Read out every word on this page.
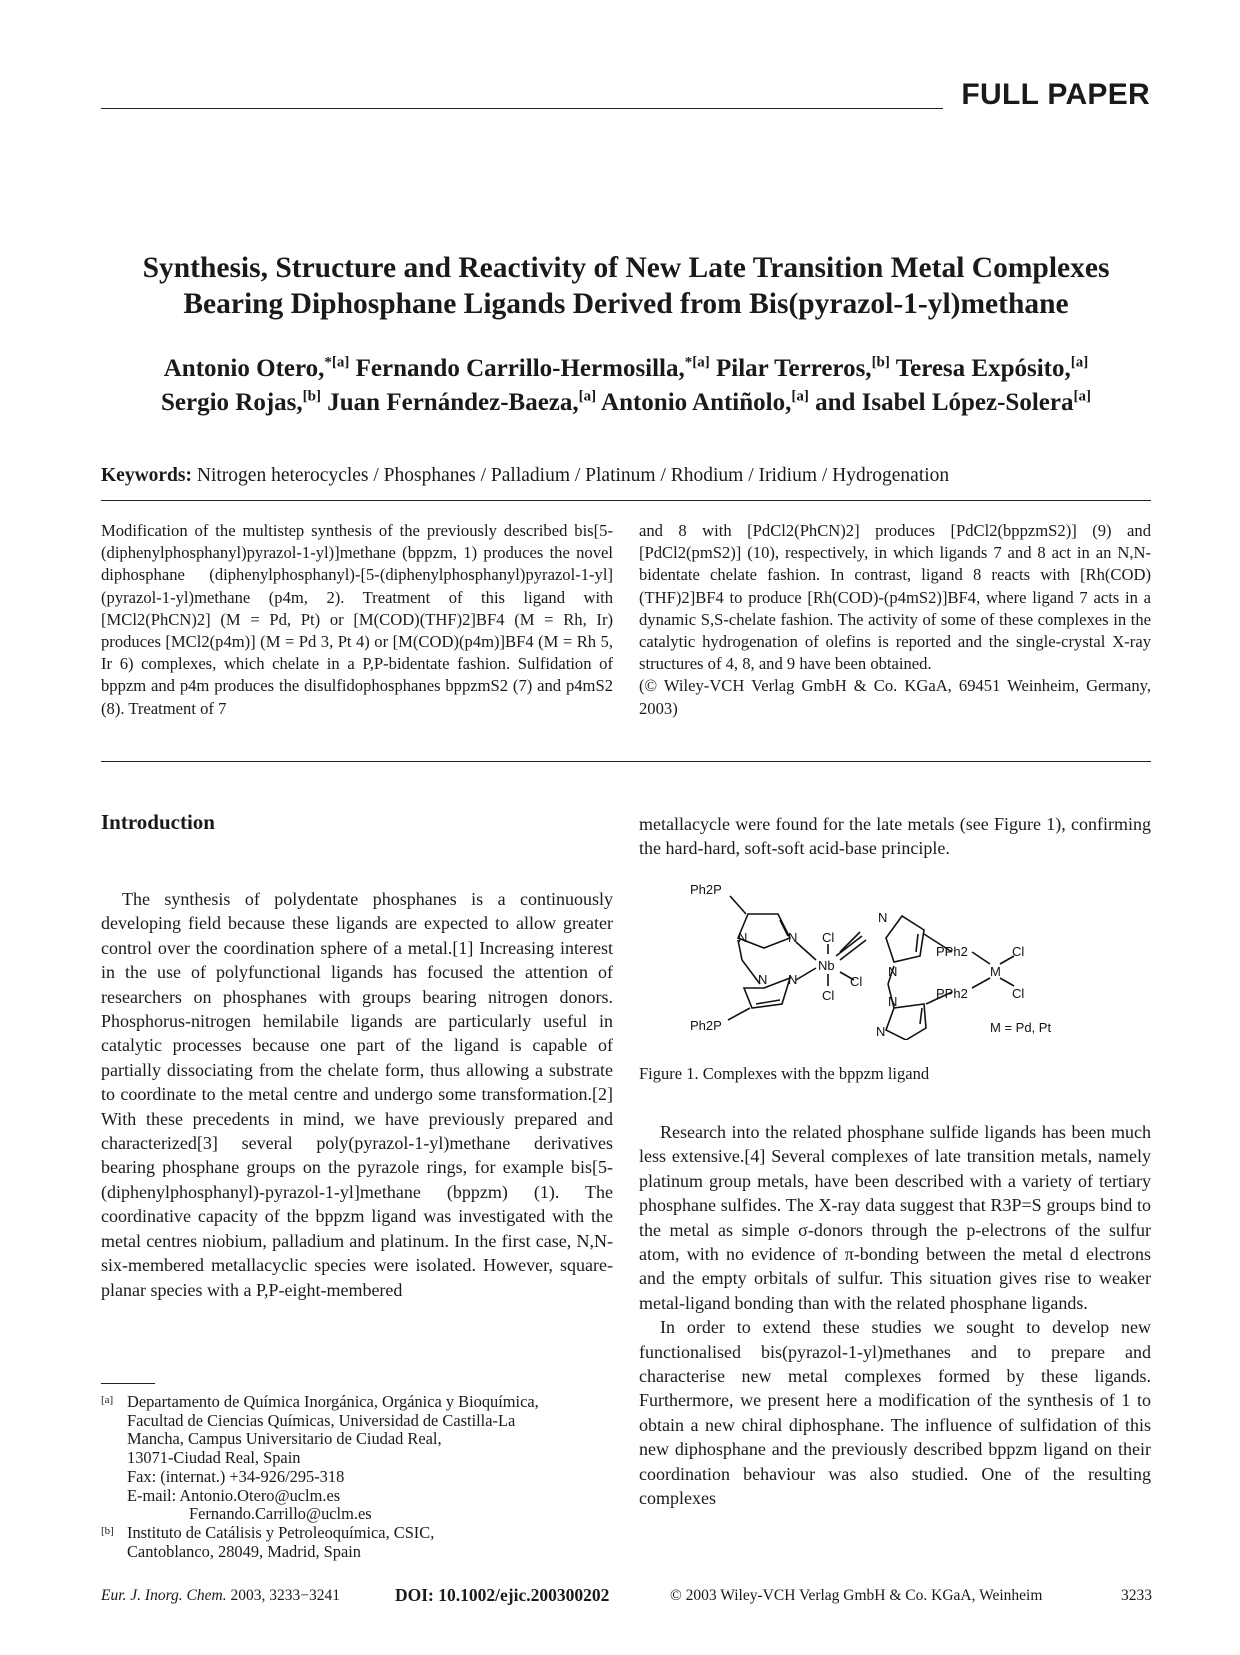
FULL PAPER
Synthesis, Structure and Reactivity of New Late Transition Metal Complexes
Bearing Diphosphane Ligands Derived from Bis(pyrazol-1-yl)methane
Antonio Otero,$^{*[a]}$ Fernando Carrillo-Hermosilla,$^{*[a]}$ Pilar Terreros,[b] Teresa Expósito,[a]
Sergio Rojas,[b] Juan Fernández-Baeza,[a] Antonio Antiñolo,[a] and Isabel López-Solera[a]
Keywords: Nitrogen heterocycles / Phosphanes / Palladium / Platinum / Rhodium / Iridium / Hydrogenation
Modification of the multistep synthesis of the previously described bis[5-(diphenylphosphanyl)pyrazol-1-yl)]methane (bppzm, 1) produces the novel diphosphane (diphenylphosphanyl)-[5-(diphenylphosphanyl)pyrazol-1-yl](pyrazol-1-yl)methane (p4m, 2). Treatment of this ligand with [MCl2(PhCN)2] (M = Pd, Pt) or [M(COD)(THF)2]BF4 (M = Rh, Ir) produces [MCl2(p4m)] (M = Pd 3, Pt 4) or [M(COD)(p4m)]BF4 (M = Rh 5, Ir 6) complexes, which chelate in a P,P-bidentate fashion. Sulfidation of bppzm and p4m produces the disulfidophosphanes bppzmS2 (7) and p4mS2 (8). Treatment of 7
and 8 with [PdCl2(PhCN)2] produces [PdCl2(bppzmS2)] (9) and [PdCl2(pmS2)] (10), respectively, in which ligands 7 and 8 act in an N,N-bidentate chelate fashion. In contrast, ligand 8 reacts with [Rh(COD)(THF)2]BF4 to produce [Rh(COD)-(p4mS2)]BF4, where ligand 7 acts in a dynamic S,S-chelate fashion. The activity of some of these complexes in the catalytic hydrogenation of olefins is reported and the single-crystal X-ray structures of 4, 8, and 9 have been obtained.
(© Wiley-VCH Verlag GmbH & Co. KGaA, 69451 Weinheim, Germany, 2003)
Introduction

The synthesis of polydentate phosphanes is a continuously developing field because these ligands are expected to allow greater control over the coordination sphere of a metal.[1] Increasing interest in the use of polyfunctional ligands has focused the attention of researchers on phosphanes with groups bearing nitrogen donors. Phosphorus-nitrogen hemilabile ligands are particularly useful in catalytic processes because one part of the ligand is capable of partially dissociating from the chelate form, thus allowing a substrate to coordinate to the metal centre and undergo some transformation.[2] With these precedents in mind, we have previously prepared and characterized[3] several poly(pyrazol-1-yl)methane derivatives bearing phosphane groups on the pyrazole rings, for example bis[5-(diphenylphosphanyl)-pyrazol-1-yl]methane (bppzm) (1). The coordinative capacity of the bppzm ligand was investigated with the metal centres niobium, palladium and platinum. In the first case, N,N-six-membered metallacyclic species were isolated. However, square-planar species with a P,P-eight-membered

metallacycle were found for the late metals (see Figure 1), confirming the hard-hard, soft-soft acid-base principle.

Ph2P
Ph2P
N	N
N N
Nb
Cl
Cl
Cl
N
N
N
N
PPh2
PPh2
M
Cl
Cl
M = Pd, Pt
Figure 1. Complexes with the bppzm ligand

Research into the related phosphane sulfide ligands has been much less extensive.[4] Several complexes of late transition metals, namely platinum group metals, have been described with a variety of tertiary phosphane sulfides. The X-ray data suggest that R3P=S groups bind to the metal as simple σ-donors through the p-electrons of the sulfur atom, with no evidence of π-bonding between the metal d electrons and the empty orbitals of sulfur. This situation gives rise to weaker metal-ligand bonding than with the related phosphane ligands.

In order to extend these studies we sought to develop new functionalised bis(pyrazol-1-yl)methanes and to prepare and characterise new metal complexes formed by these ligands. Furthermore, we present here a modification of the synthesis of 1 to obtain a new chiral diphosphane. The influence of sulfidation of this new diphosphane and the previously described bppzm ligand on their coordination behaviour was also studied. One of the resulting complexes

[a] Departamento de Química Inorgánica, Orgánica y Bioquímica,
Facultad de Ciencias Químicas, Universidad de Castilla-La
Mancha, Campus Universitario de Ciudad Real,
13071-Ciudad Real, Spain
Fax: (internat.) +34-926/295-318
E-mail: Antonio.Otero@uclm.es
Fernando.Carrillo@uclm.es
[b] Instituto de Catálisis y Petroleoquímica, CSIC,
Cantoblanco, 28049, Madrid, Spain
Eur. J. Inorg. Chem. 2003, 3233−3241	DOI: 10.1002/ejic.200300202	© 2003 Wiley-VCH Verlag GmbH & Co. KGaA, Weinheim	3233
